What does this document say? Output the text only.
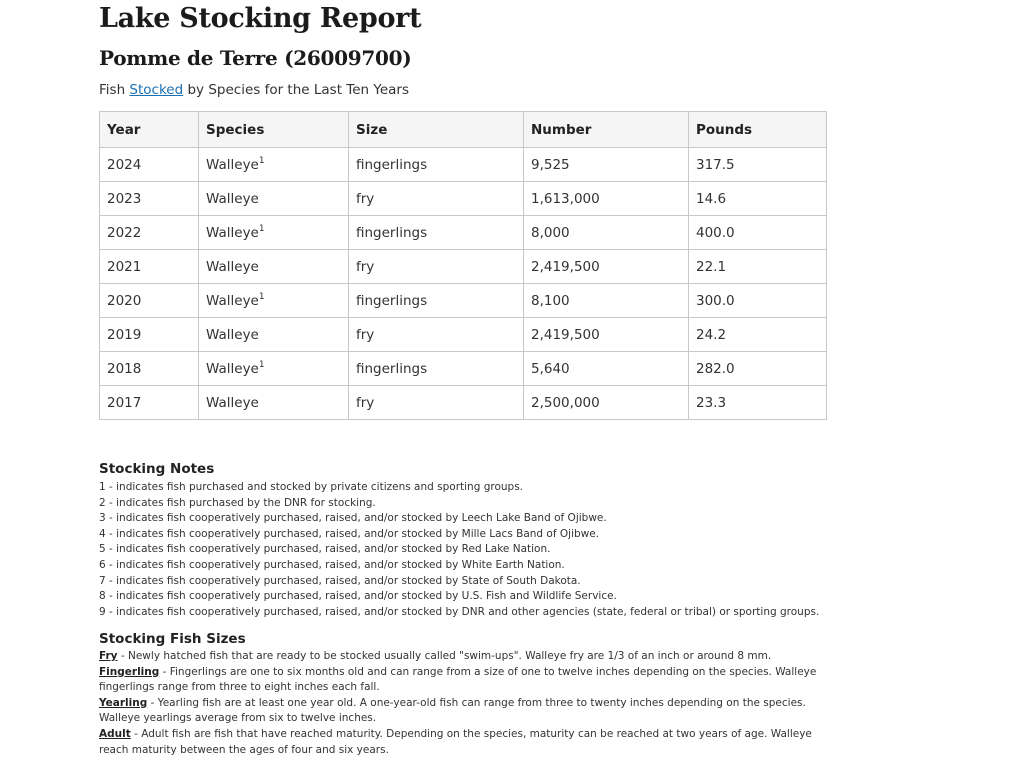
Lake Stocking Report
Pomme de Terre (26009700)
Fish Stocked by Species for the Last Ten Years
Year	Species	Size	Number	Pounds
2024	Walleye$^1$	fingerlings	9,525	317.5
2023	Walleye	fry	1,613,000	14.6
2022	Walleye$^1$	fingerlings	8,000	400.0
2021	Walleye	fry	2,419,500	22.1
2020	Walleye$^1$	fingerlings	8,100	300.0
2019	Walleye	fry	2,419,500	24.2
2018	Walleye$^1$	fingerlings	5,640	282.0
2017	Walleye	fry	2,500,000	23.3
Stocking Notes
1 - indicates fish purchased and stocked by private citizens and sporting groups.
2 - indicates fish purchased by the DNR for stocking.
3 - indicates fish cooperatively purchased, raised, and/or stocked by Leech Lake Band of Ojibwe.
4 - indicates fish cooperatively purchased, raised, and/or stocked by Mille Lacs Band of Ojibwe.
5 - indicates fish cooperatively purchased, raised, and/or stocked by Red Lake Nation.
6 - indicates fish cooperatively purchased, raised, and/or stocked by White Earth Nation.
7 - indicates fish cooperatively purchased, raised, and/or stocked by State of South Dakota.
8 - indicates fish cooperatively purchased, raised, and/or stocked by U.S. Fish and Wildlife Service.
9 - indicates fish cooperatively purchased, raised, and/or stocked by DNR and other agencies (state, federal or tribal) or sporting groups.
Stocking Fish Sizes
Fry - Newly hatched fish that are ready to be stocked usually called "swim-ups". Walleye fry are 1/3 of an inch or around 8 mm.
Fingerling - Fingerlings are one to six months old and can range from a size of one to twelve inches depending on the species. Walleye fingerlings range from three to eight inches each fall.
Yearling - Yearling fish are at least one year old. A one-year-old fish can range from three to twenty inches depending on the species. Walleye yearlings average from six to twelve inches.
Adult - Adult fish are fish that have reached maturity. Depending on the species, maturity can be reached at two years of age. Walleye reach maturity between the ages of four and six years.
